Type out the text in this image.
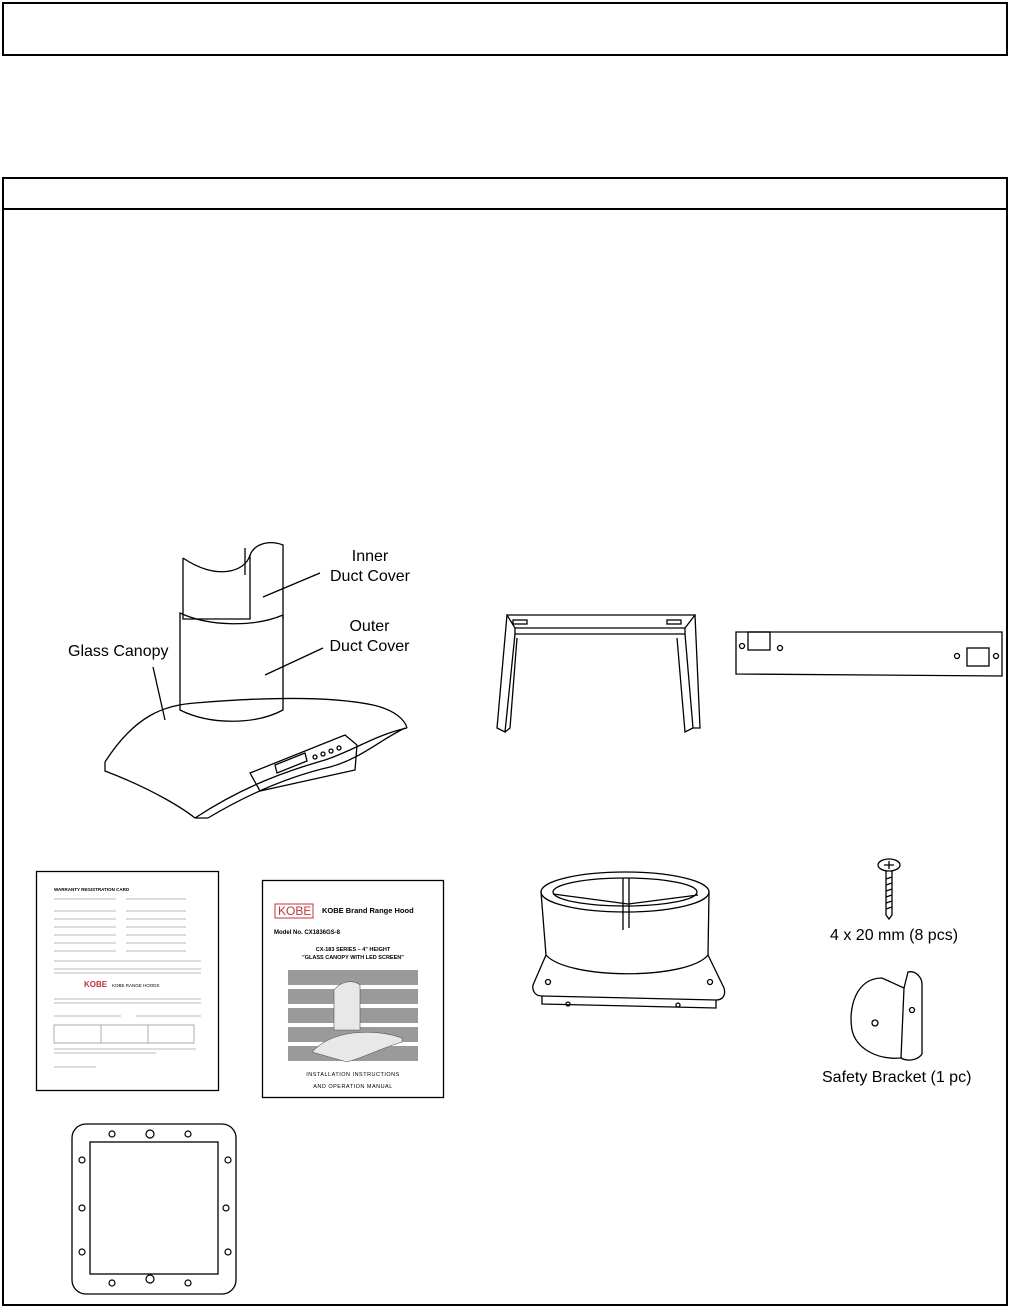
Inner
Duct Cover
Outer
Duct Cover
Glass Canopy
WARRANTY REGISTRATION CARD
KOBE KOBE RANGE HOODS
KOBE KOBE Brand Range Hood
Model No. CX1836GS-8
CX-183 SERIES – 4" HEIGHT
"GLASS CANOPY WITH LED SCREEN"
INSTALLATION INSTRUCTIONS
AND OPERATION MANUAL
4 x 20 mm (8 pcs)
Safety Bracket (1 pc)
